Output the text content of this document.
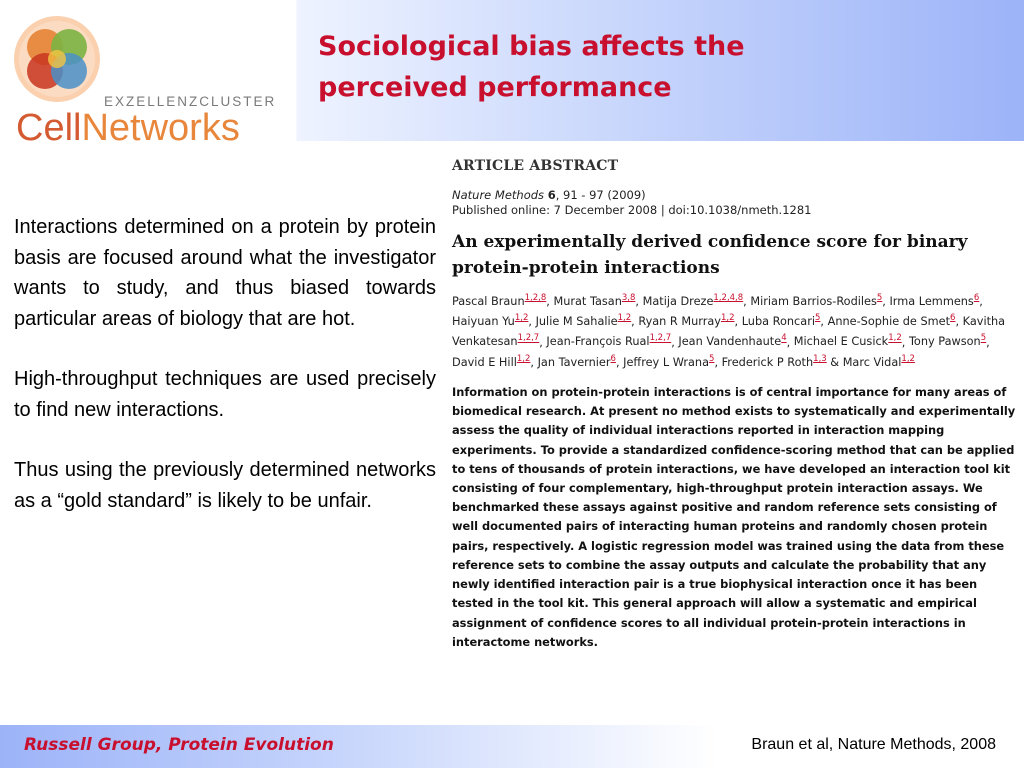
EXZELLENZCLUSTER
CellNetworks
Sociological bias affects the
perceived performance

Interactions determined on a protein by protein basis are focused around what the investigator wants to study, and thus biased towards particular areas of biology that are hot.

High-throughput techniques are used precisely to find new interactions.

Thus using the previously determined networks as a “gold standard” is likely to be unfair.

ARTICLE ABSTRACT
Nature Methods 6, 91 - 97 (2009)
Published online: 7 December 2008 | doi:10.1038/nmeth.1281
An experimentally derived confidence score for binary protein-protein interactions
Pascal Braun$^{1,2,8}$, Murat Tasan$^{3,8}$, Matija Dreze$^{1,2,4,8}$, Miriam Barrios-Rodiles$^5$, Irma Lemmens$^6$, Haiyuan Yu$^{1,2}$, Julie M Sahalie$^{1,2}$, Ryan R Murray$^{1,2}$, Luba Roncari$^5$, Anne-Sophie de Smet$^6$, Kavitha Venkatesan$^{1,2,7}$, Jean-François Rual$^{1,2,7}$, Jean Vandenhaute$^4$, Michael E Cusick$^{1,2}$, Tony Pawson$^5$, David E Hill$^{1,2}$, Jan Tavernier$^6$, Jeffrey L Wrana$^5$, Frederick P Roth$^{1,3}$ & Marc Vidal$^{1,2}$
Information on protein-protein interactions is of central importance for many areas of biomedical research. At present no method exists to systematically and experimentally assess the quality of individual interactions reported in interaction mapping experiments. To provide a standardized confidence-scoring method that can be applied to tens of thousands of protein interactions, we have developed an interaction tool kit consisting of four complementary, high-throughput protein interaction assays. We benchmarked these assays against positive and random reference sets consisting of well documented pairs of interacting human proteins and randomly chosen protein pairs, respectively. A logistic regression model was trained using the data from these reference sets to combine the assay outputs and calculate the probability that any newly identified interaction pair is a true biophysical interaction once it has been tested in the tool kit. This general approach will allow a systematic and empirical assignment of confidence scores to all individual protein-protein interactions in interactome networks.
Russell Group, Protein Evolution	Braun et al, Nature Methods, 2008
